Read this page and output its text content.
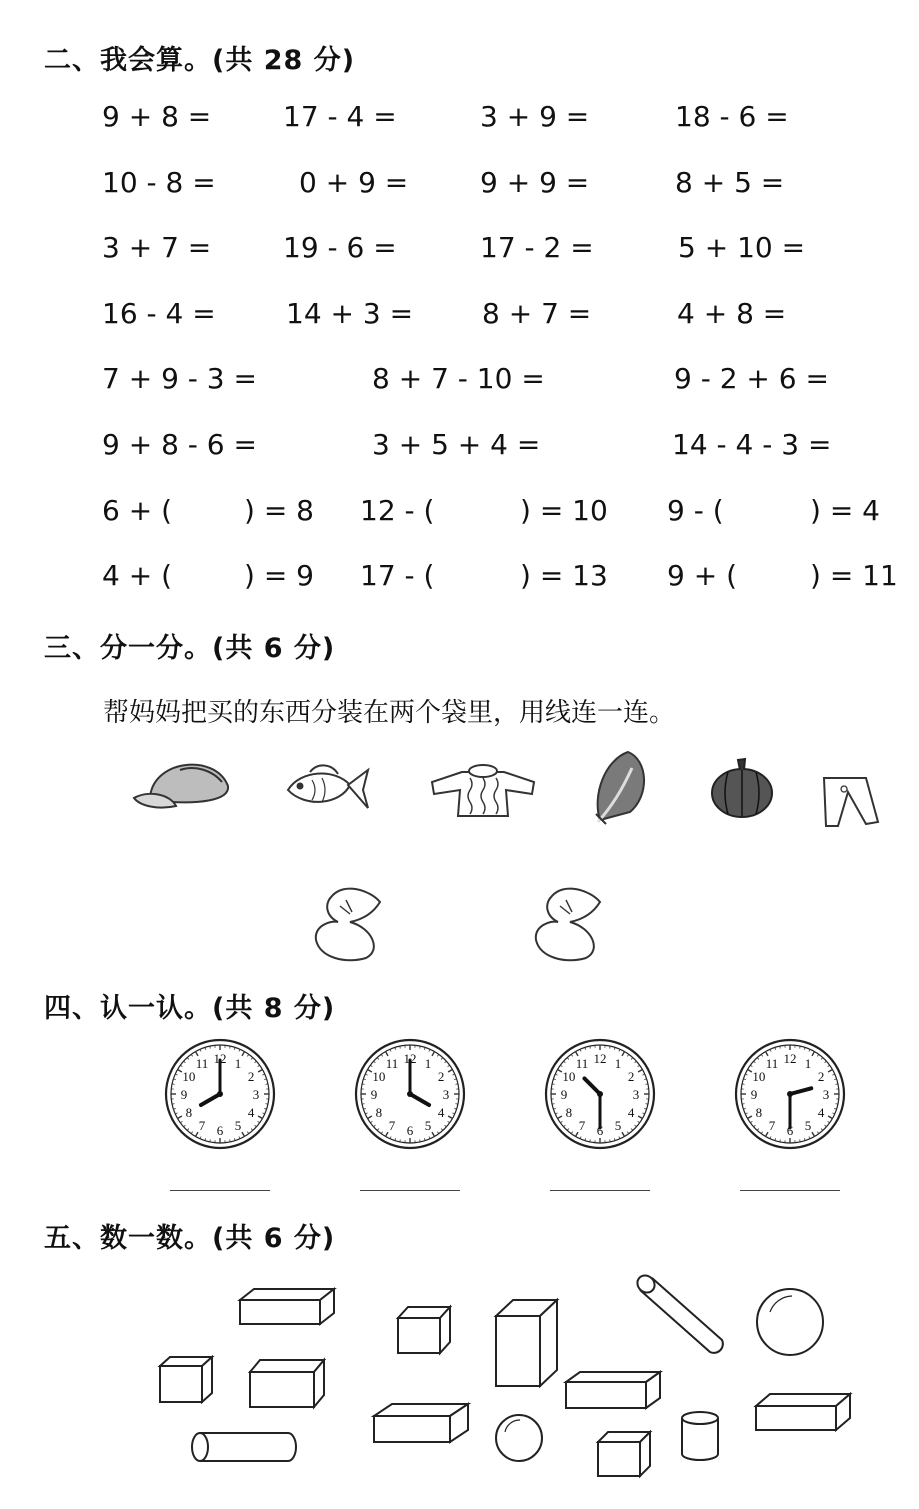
二、我会算。(共 28 分)
9 + 8 =	17 - 4 =	3 + 9 =	18 - 6 =
10 - 8 =	0 + 9 =	9 + 9 =	8 + 5 =
3 + 7 =	19 - 6 =	17 - 2 =	5 + 10 =
16 - 4 =	14 + 3 = 8 + 7 =	4 + 8 =
7 + 9 - 3 =	8 + 7 - 10 =	9 - 2 + 6 =
9 + 8 - 6 =	3 + 5 + 4 =	14 - 4 - 3 =
6 + (	) = 8 12 - (	) = 10 9 - (	) = 4
4 + (	) = 9 17 - (	) = 13 9 + (	) = 11
三、分一分。(共 6 分)
帮妈妈把买的东西分装在两个袋里，用线连一连。
12 1
2
3
4
5
6
7
8
9
10
11	12 1
2
3
4
5
6
7
8
9
10
11	12 1
2
3
4
5
6
7
8
9
10
11	12 1
2
3
4
5
6
7
8
9
10
11
四、认一认。(共 8 分)
五、数一数。(共 6 分)
